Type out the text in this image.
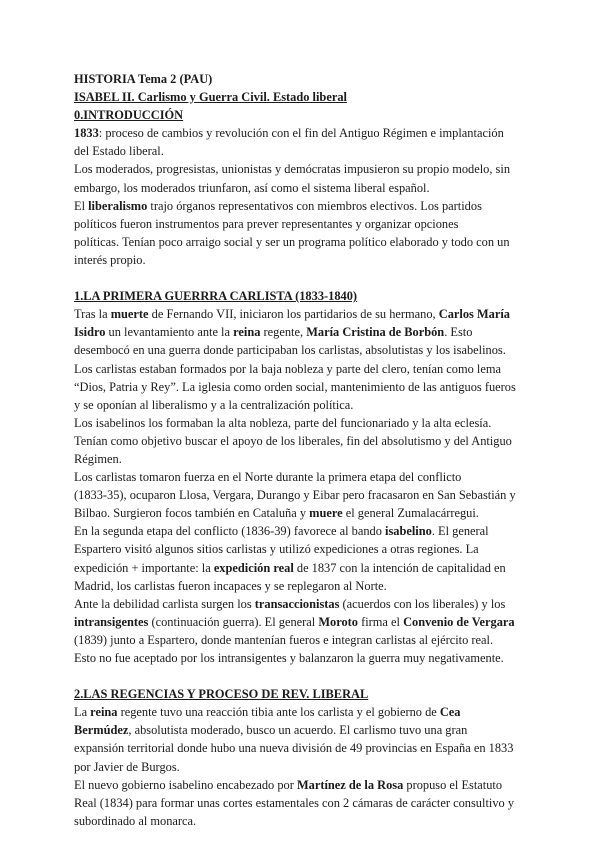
HISTORIA Tema 2 (PAU)
ISABEL II. Carlismo y Guerra Civil. Estado liberal
0.INTRODUCCIÓN
1833: proceso de cambios y revolución con el fin del Antiguo Régimen e implantación
del Estado liberal.
Los moderados, progresistas, unionistas y demócratas impusieron su propio modelo, sin
embargo, los moderados triunfaron, así como el sistema liberal español.
El liberalismo trajo órganos representativos con miembros electivos. Los partidos
políticos fueron instrumentos para prever representantes y organizar opciones
políticas. Tenían poco arraigo social y ser un programa político elaborado y todo con un
interés propio.
1.LA PRIMERA GUERRRA CARLISTA (1833-1840)
Tras la muerte de Fernando VII, iniciaron los partidarios de su hermano, Carlos María
Isidro un levantamiento ante la reina regente, María Cristina de Borbón. Esto
desembocó en una guerra donde participaban los carlistas, absolutistas y los isabelinos.
Los carlistas estaban formados por la baja nobleza y parte del clero, tenían como lema
“Dios, Patria y Rey”. La iglesia como orden social, mantenimiento de las antiguos fueros
y se oponían al liberalismo y a la centralización política.
Los isabelinos los formaban la alta nobleza, parte del funcionariado y la alta eclesía.
Tenían como objetivo buscar el apoyo de los liberales, fin del absolutismo y del Antiguo
Régimen.
Los carlistas tomaron fuerza en el Norte durante la primera etapa del conflicto
(1833-35), ocuparon Llosa, Vergara, Durango y Eibar pero fracasaron en San Sebastián y
Bilbao. Surgieron focos también en Cataluña y muere el general Zumalacárregui.
En la segunda etapa del conflicto (1836-39) favorece al bando isabelino. El general
Espartero visitó algunos sitios carlistas y utilizó expediciones a otras regiones. La
expedición + importante: la expedición real de 1837 con la intención de capitalidad en
Madrid, los carlistas fueron incapaces y se replegaron al Norte.
Ante la debilidad carlista surgen los transaccionistas (acuerdos con los liberales) y los
intransigentes (continuación guerra). El general Moroto firma el Convenio de Vergara
(1839) junto a Espartero, donde mantenían fueros e integran carlistas al ejército real.
Esto no fue aceptado por los intransigentes y balanzaron la guerra muy negativamente.
2.LAS REGENCIAS Y PROCESO DE REV. LIBERAL
La reina regente tuvo una reacción tibia ante los carlista y el gobierno de Cea
Bermúdez, absolutista moderado, busco un acuerdo. El carlismo tuvo una gran
expansión territorial donde hubo una nueva división de 49 provincias en España en 1833
por Javier de Burgos.
El nuevo gobierno isabelino encabezado por Martínez de la Rosa propuso el Estatuto
Real (1834) para formar unas cortes estamentales con 2 cámaras de carácter consultivo y
subordinado al monarca.
